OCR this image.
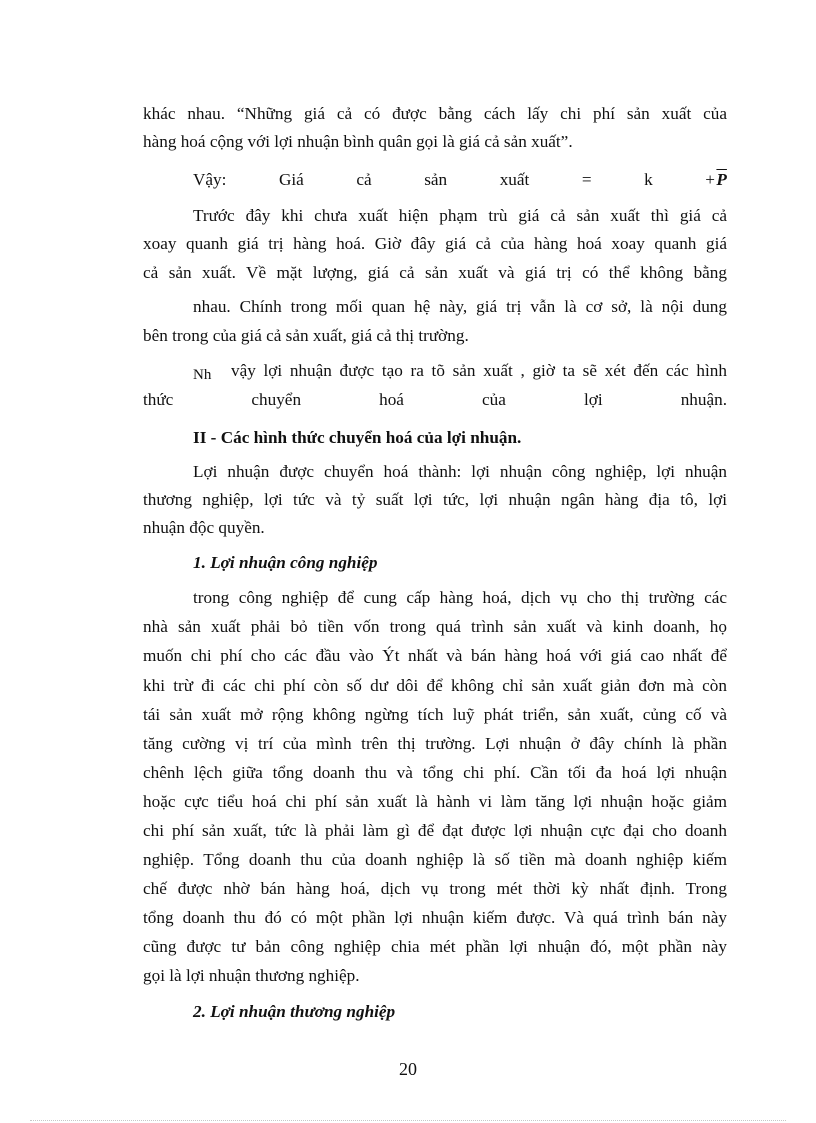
khác nhau. “Những giá cả có được bằng cách lấy chi phí sản xuất của
hàng hoá cộng với lợi nhuận bình quân gọi là giá cả sản xuất”.
Vậy:	Giá	cả	sản	xuất	=	k	+ $\overline{P}$
Trước đây khi chưa xuất hiện phạm trù giá cả sản xuất thì giá cả
xoay quanh giá trị hàng hoá. Giờ đây giá cả của hàng hoá xoay quanh giá
cả sản xuất. Về mặt lượng, giá cả sản xuất và giá trị có thể không bằng
nhau. Chính trong mối quan hệ này, giá trị vẫn là cơ sở, là nội dung
bên trong của giá cả sản xuất, giá cả thị trường.
Nh	vậy lợi nhuận được tạo ra tõ sản xuất , giờ ta sẽ xét đến các hình
thức chuyển hoá của lợi nhuận.
II - Các hình thức chuyển hoá của lợi nhuận.
Lợi nhuận được chuyển hoá thành: lợi nhuận công nghiệp, lợi nhuận
thương nghiệp, lợi tức và tỷ suất lợi tức, lợi nhuận ngân hàng địa tô, lợi
nhuận độc quyền.
1. Lợi nhuận công nghiệp
trong công nghiệp để cung cấp hàng hoá, dịch vụ cho thị trường các
nhà sản xuất phải bỏ tiền vốn trong quá trình sản xuất và kinh doanh, họ
muốn chi phí cho các đầu vào Ýt nhất và bán hàng hoá với giá cao nhất để
khi trừ đi các chi phí còn số dư dôi để không chỉ sản xuất giản đơn mà còn
tái sản xuất mở rộng không ngừng tích luỹ phát triển, sản xuất, củng cố và
tăng cường vị trí của mình trên thị trường. Lợi nhuận ở đây chính là phần
chênh lệch giữa tổng doanh thu và tổng chi phí. Cần tối đa hoá lợi nhuận
hoặc cực tiểu hoá chi phí sản xuất là hành vi làm tăng lợi nhuận hoặc giảm
chi phí sản xuất, tức là phải làm gì để đạt được lợi nhuận cực đại cho doanh
nghiệp. Tổng doanh thu của doanh nghiệp là số tiền mà doanh nghiệp kiếm
chế được nhờ bán hàng hoá, dịch vụ trong mét thời kỳ nhất định. Trong
tổng doanh thu đó có một phần lợi nhuận kiếm được. Và quá trình bán này
cũng được tư bản công nghiệp chia mét phần lợi nhuận đó, một phần này
gọi là lợi nhuận thương nghiệp.
2. Lợi nhuận thương nghiệp
20
